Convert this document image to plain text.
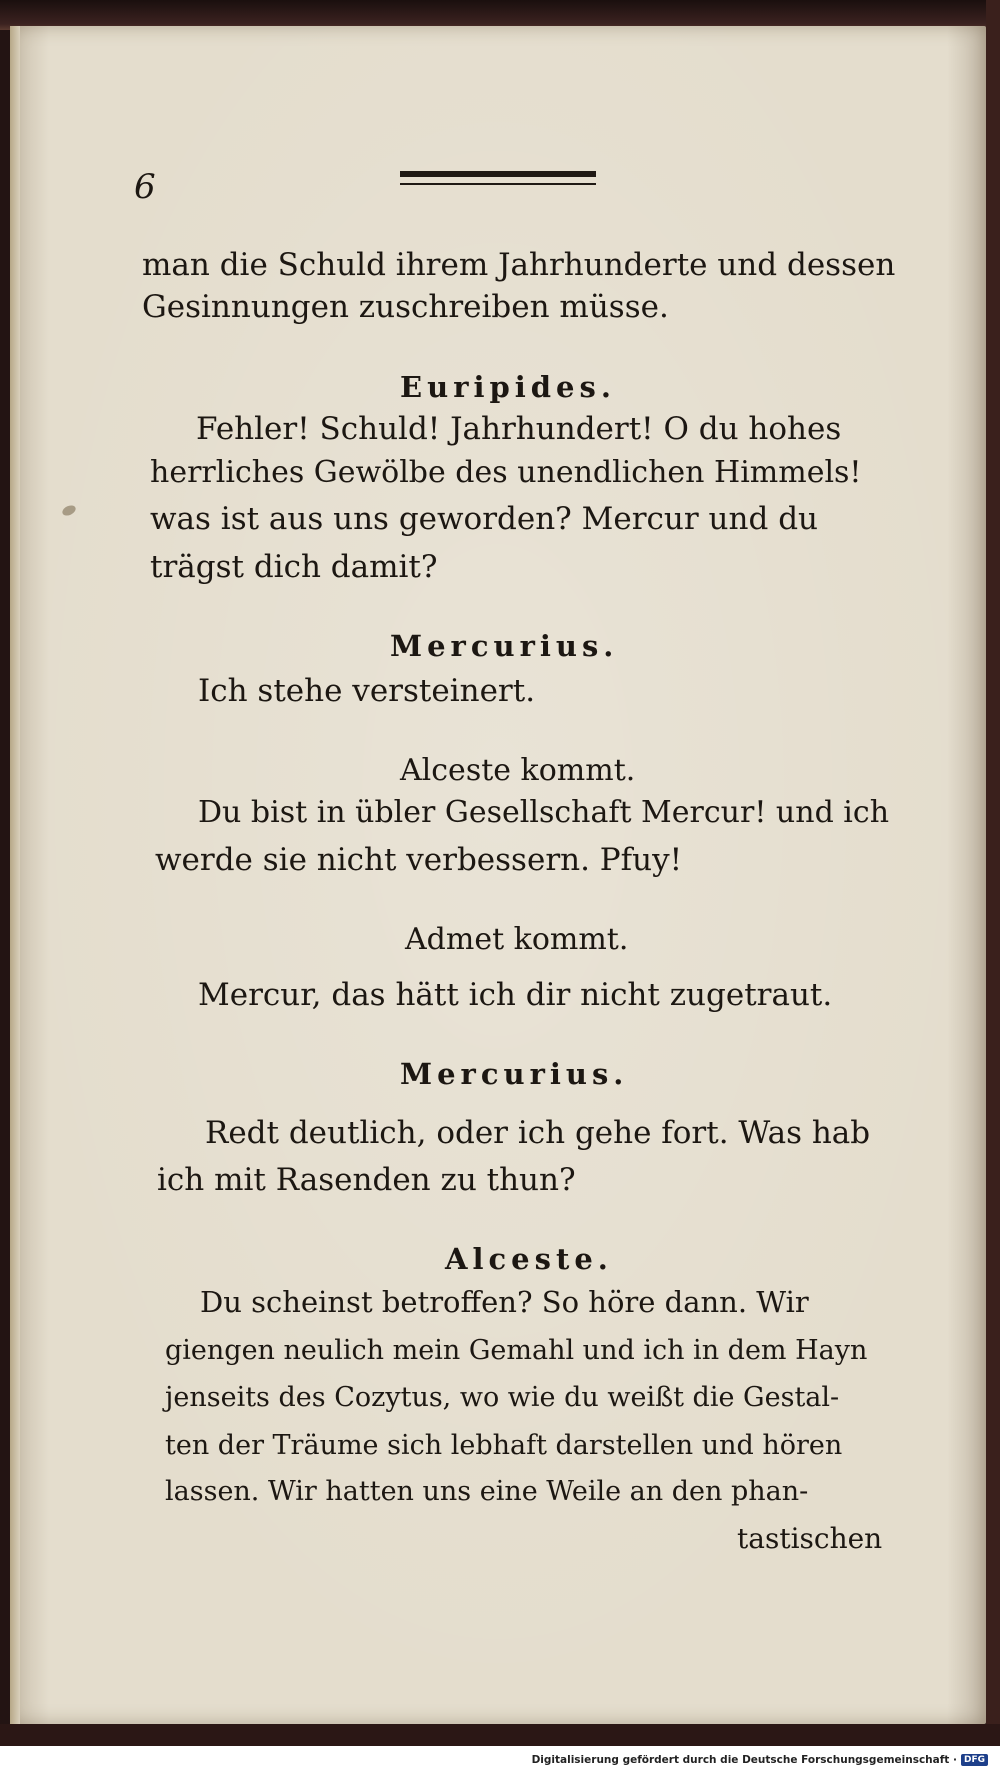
6
man die Schuld ihrem Jahrhunderte und dessen
Gesinnungen zuschreiben müsse.
Euripides.
Fehler! Schuld! Jahrhundert! O du hohes
herrliches Gewölbe des unendlichen Himmels!
was ist aus uns geworden? Mercur und du
trägst dich damit?
Mercurius.
Ich stehe versteinert.
Alceste kommt.
Du bist in übler Gesellschaft Mercur! und ich
werde sie nicht verbessern. Pfuy!
Admet kommt.
Mercur, das hätt ich dir nicht zugetraut.
Mercurius.
Redt deutlich, oder ich gehe fort. Was hab
ich mit Rasenden zu thun?
Alceste.
Du scheinst betroffen? So höre dann. Wir
giengen neulich mein Gemahl und ich in dem Hayn
jenseits des Cozytus, wo wie du weißt die Gestal-
ten der Träume sich lebhaft darstellen und hören
lassen. Wir hatten uns eine Weile an den phan-
tastischen
Digitalisierung gefördert durch die Deutsche Forschungsgemeinschaft · DFG
